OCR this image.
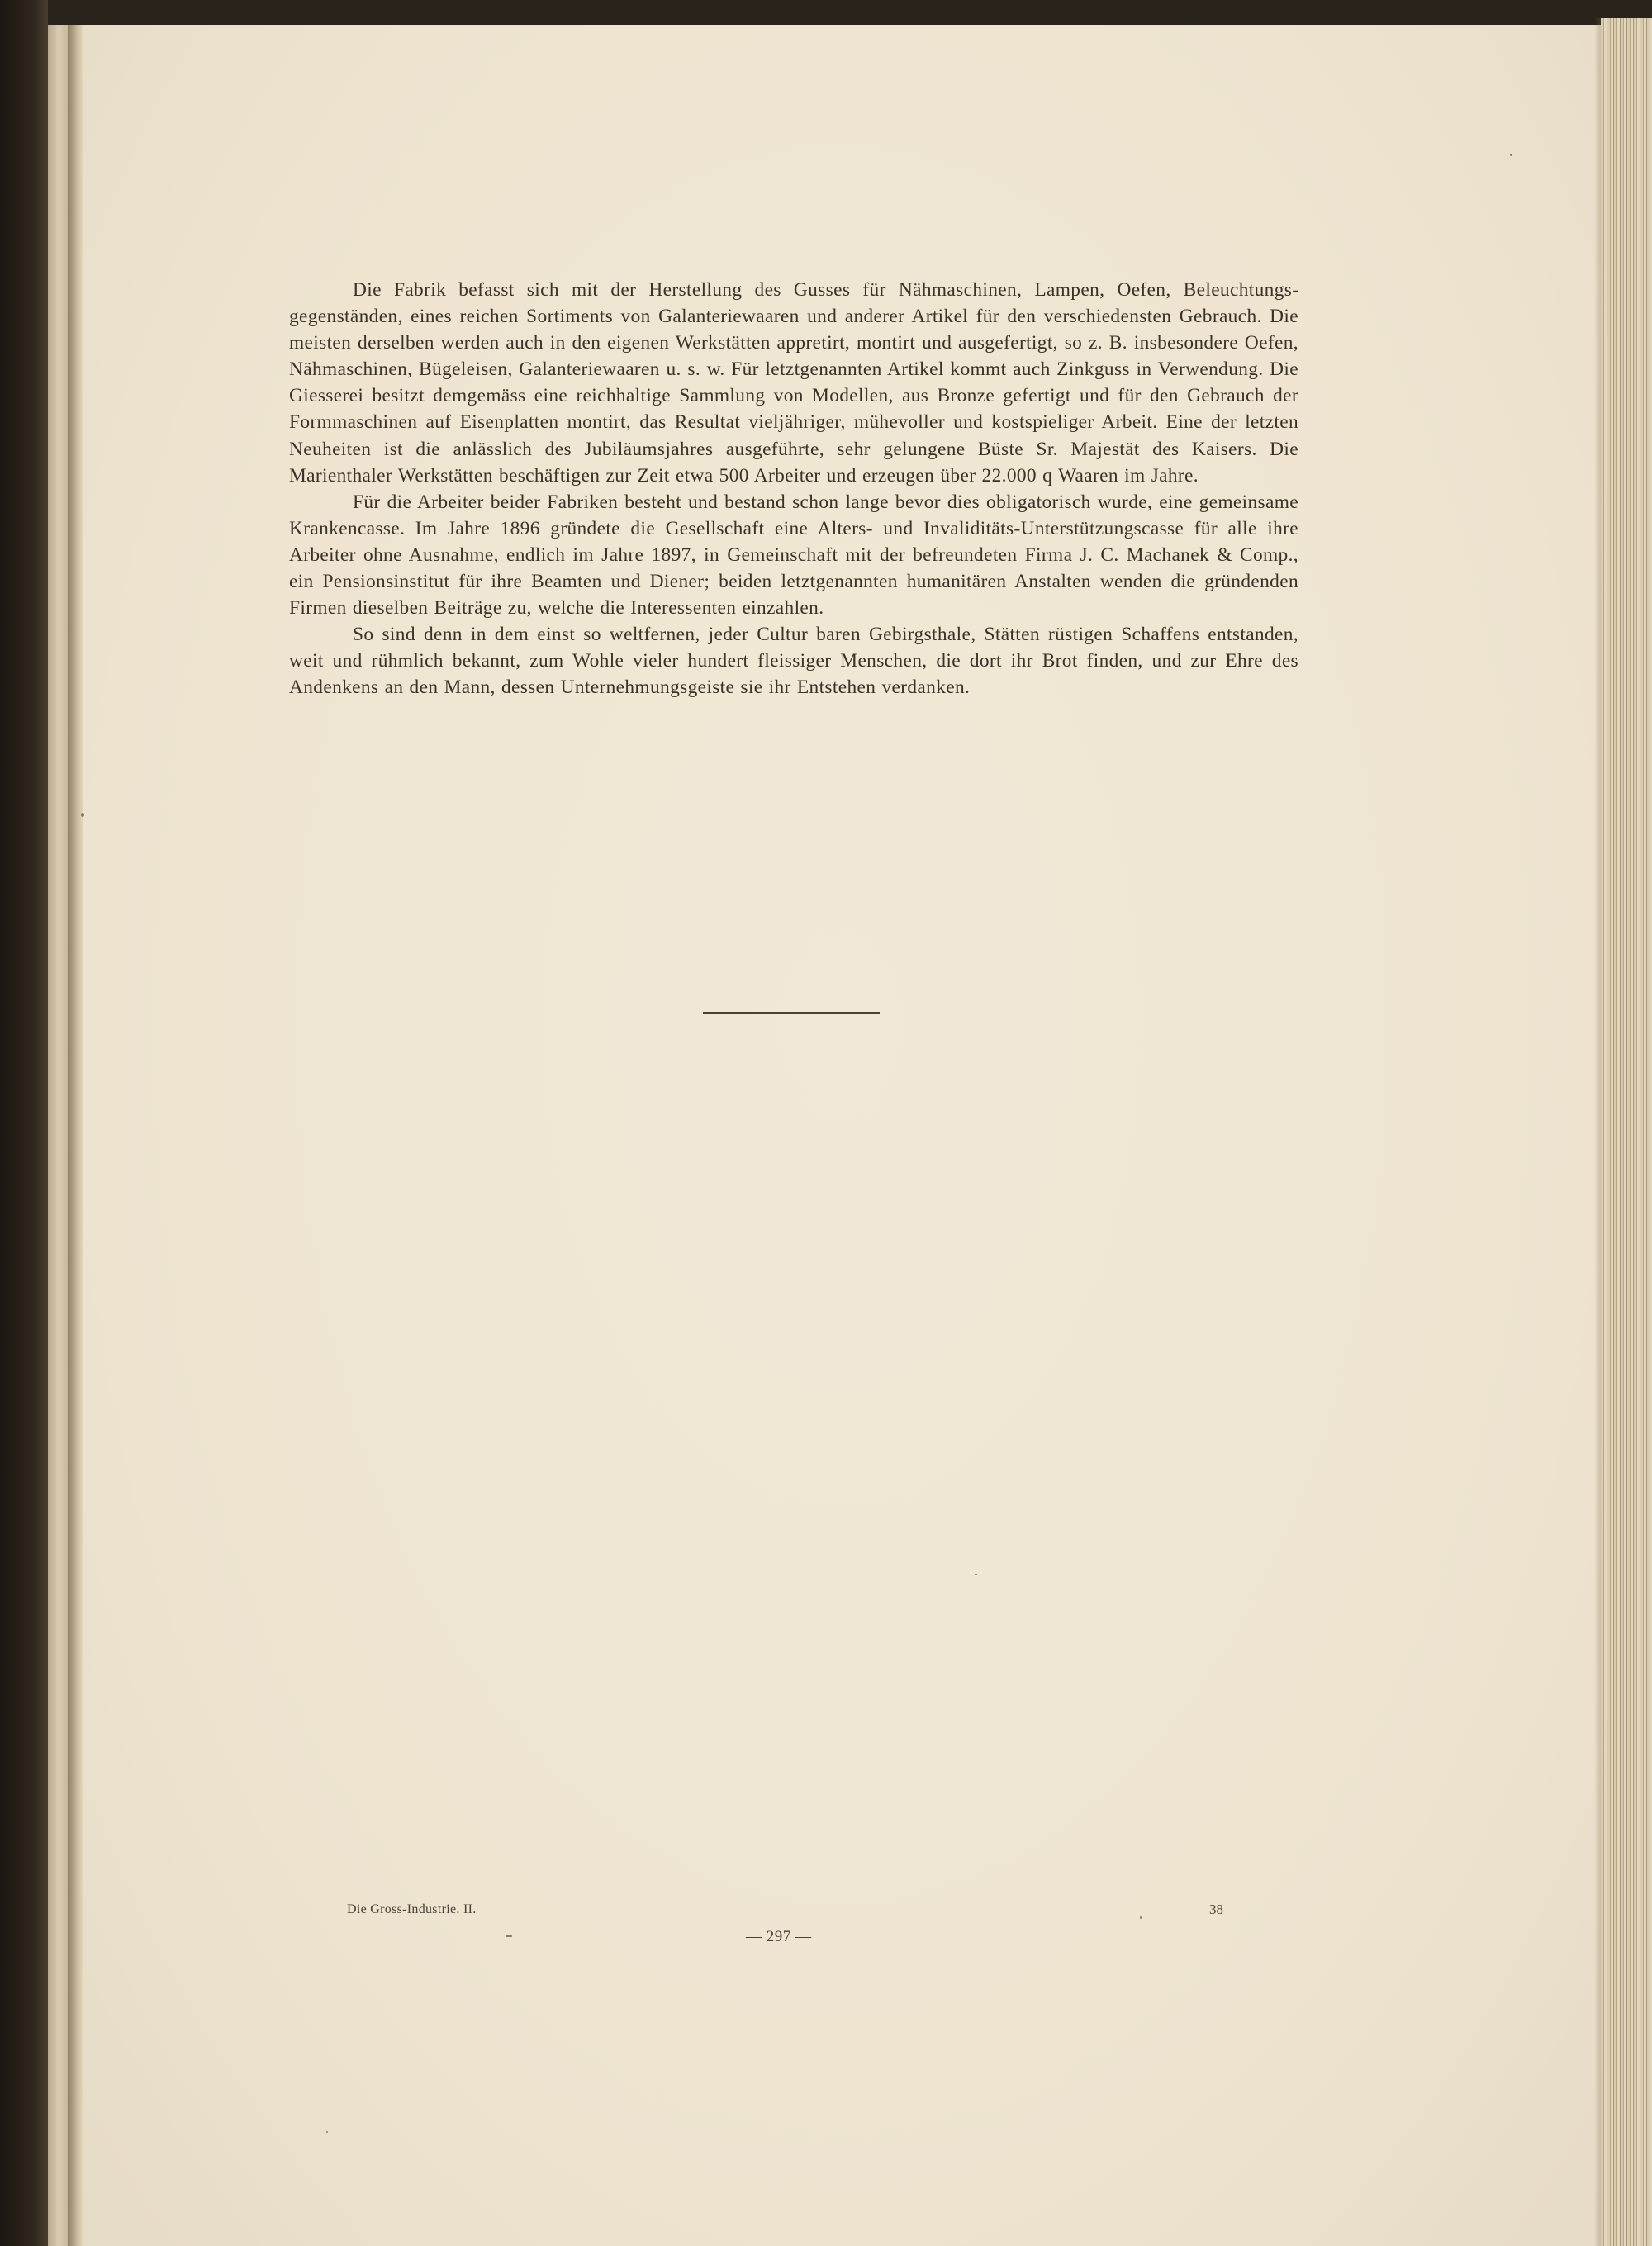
Die Fabrik befasst sich mit der Herstellung des Gusses für Nähmaschinen, Lampen, Oefen, Beleuchtungsgegenständen, eines reichen Sortiments von Galanteriewaaren und anderer Artikel für den verschiedensten Gebrauch. Die meisten derselben werden auch in den eigenen Werkstätten appretirt, montirt und ausgefertigt, so z. B. insbesondere Oefen, Nähmaschinen, Bügeleisen, Galanteriewaaren u. s. w. Für letztgenannten Artikel kommt auch Zinkguss in Verwendung. Die Giesserei besitzt demgemäss eine reichhaltige Sammlung von Modellen, aus Bronze gefertigt und für den Gebrauch der Formmaschinen auf Eisenplatten montirt, das Resultat vieljähriger, mühevoller und kostspieliger Arbeit. Eine der letzten Neuheiten ist die anlässlich des Jubiläumsjahres ausgeführte, sehr gelungene Büste Sr. Majestät des Kaisers. Die Marienthaler Werkstätten beschäftigen zur Zeit etwa 500 Arbeiter und erzeugen über 22.000 q Waaren im Jahre.

Für die Arbeiter beider Fabriken besteht und bestand schon lange bevor dies obligatorisch wurde, eine gemeinsame Krankencasse. Im Jahre 1896 gründete die Gesellschaft eine Alters- und Invaliditäts-Unterstützungscasse für alle ihre Arbeiter ohne Ausnahme, endlich im Jahre 1897, in Gemeinschaft mit der befreundeten Firma J. C. Machanek & Comp., ein Pensionsinstitut für ihre Beamten und Diener; beiden letztgenannten humanitären Anstalten wenden die gründenden Firmen dieselben Beiträge zu, welche die Interessenten einzahlen.

So sind denn in dem einst so weltfernen, jeder Cultur baren Gebirgsthale, Stätten rüstigen Schaffens entstanden, weit und rühmlich bekannt, zum Wohle vieler hundert fleissiger Menschen, die dort ihr Brot finden, und zur Ehre des Andenkens an den Mann, dessen Unternehmungsgeiste sie ihr Entstehen verdanken.

Die Gross-Industrie. II.	38
— 297 —
